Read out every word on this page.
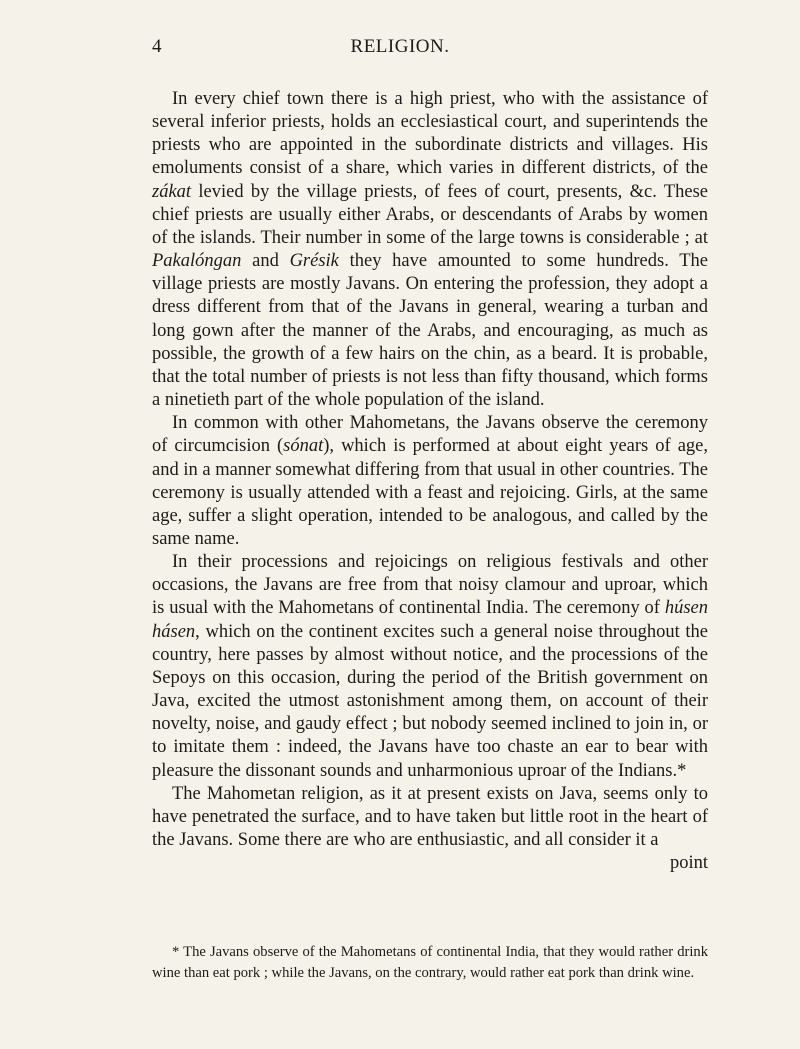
4	RELIGION.

In every chief town there is a high priest, who with the assistance of several inferior priests, holds an ecclesiastical court, and superintends the priests who are appointed in the subordinate districts and villages. His emoluments consist of a share, which varies in different districts, of the zákat levied by the village priests, of fees of court, presents, &c. These chief priests are usually either Arabs, or descendants of Arabs by women of the islands. Their number in some of the large towns is considerable ; at Pakalóngan and Grésik they have amounted to some hundreds. The village priests are mostly Javans. On entering the profession, they adopt a dress different from that of the Javans in general, wearing a turban and long gown after the manner of the Arabs, and encouraging, as much as possible, the growth of a few hairs on the chin, as a beard. It is probable, that the total number of priests is not less than fifty thousand, which forms a ninetieth part of the whole population of the island.

In common with other Mahometans, the Javans observe the ceremony of circumcision (sónat), which is performed at about eight years of age, and in a manner somewhat differing from that usual in other countries. The ceremony is usually attended with a feast and rejoicing. Girls, at the same age, suffer a slight operation, intended to be analogous, and called by the same name.

In their processions and rejoicings on religious festivals and other occasions, the Javans are free from that noisy clamour and uproar, which is usual with the Mahometans of continental India. The ceremony of húsen hásen, which on the continent excites such a general noise throughout the country, here passes by almost without notice, and the processions of the Sepoys on this occasion, during the period of the British government on Java, excited the utmost astonishment among them, on account of their novelty, noise, and gaudy effect ; but nobody seemed inclined to join in, or to imitate them : indeed, the Javans have too chaste an ear to bear with pleasure the dissonant sounds and unharmonious uproar of the Indians.*

The Mahometan religion, as it at present exists on Java, seems only to have penetrated the surface, and to have taken but little root in the heart of the Javans. Some there are who are enthusiastic, and all consider it a

point

* The Javans observe of the Mahometans of continental India, that they would rather drink wine than eat pork ; while the Javans, on the contrary, would rather eat pork than drink wine.
